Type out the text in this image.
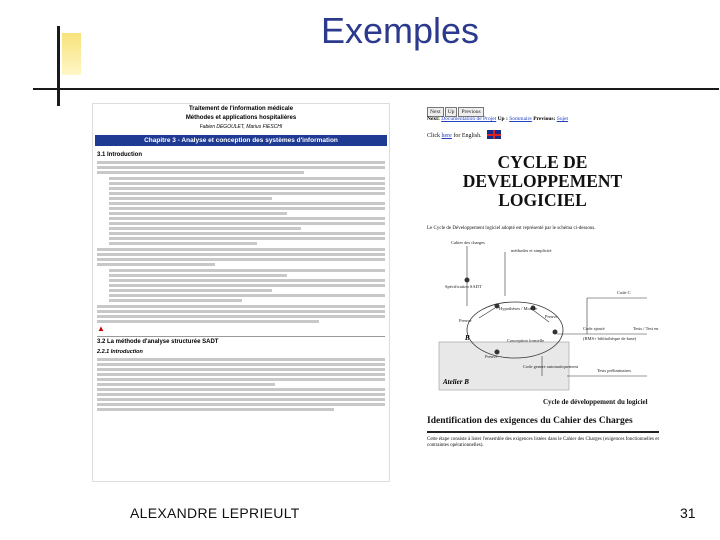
Exemples
Traitement de l'information médicale
Méthodes et applications hospitalières
Fabien DEGOULET, Marius FIESCHI
Chapitre 3 - Analyse et conception des systèmes d'information
3.1 Introduction
▲
3.2 La méthode d'analyse structurée SADT
2.2.1 Introduction
Next	Up	Previous
Next: Documentation de Projet Up : Sommaire Previous: Sujet
Click here for English.
CYCLE DE
DEVELOPPEMENT
LOGICIEL
Le Cycle de Développement logiciel adopté est représenté par le schéma ci-dessous.
Cahier des charges
méthodes et simplicité
Spécification SADT
Hypothèses / Modèle
Preuve
Preuve
B
Preuve
Conception formelle
Code C
Code ajouté
(BMS+ bibliothèque de base)
Tests / Test en
Code genere automatiquement
Tests préliminaires
Atelier B
Cycle de développement du logiciel
Identification des exigences du Cahier des Charges
Cette étape consiste à lister l'ensemble des exigences listées dans le Cahier des Charges (exigences fonctionnelles et contraintes opérationnelles).
ALEXANDRE LEPRIEULT	31
